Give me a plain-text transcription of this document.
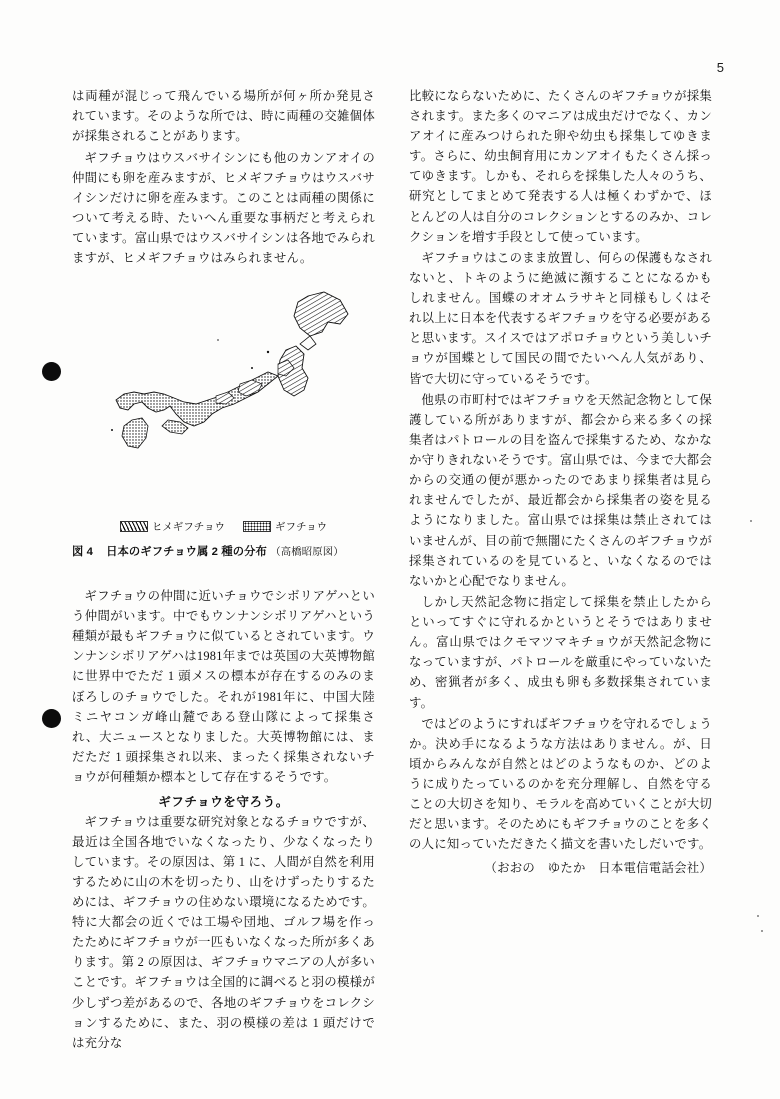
5

は両種が混じって飛んでいる場所が何ヶ所か発見されています。そのような所では、時に両種の交雑個体が採集されることがあります。

ギフチョウはウスバサイシンにも他のカンアオイの仲間にも卵を産みますが、ヒメギフチョウはウスバサイシンだけに卵を産みます。このことは両種の関係について考える時、たいへん重要な事柄だと考えられています。富山県ではウスバサイシンは各地でみられますが、ヒメギフチョウはみられません。

ヒメギフチョウ	ギフチョウ
図 4 日本のギフチョウ属 2 種の分布 （高橋昭原図）

ギフチョウの仲間に近いチョウでシボリアゲハという仲間がいます。中でもウンナンシボリアゲハという種類が最もギフチョウに似ているとされています。ウンナンシボリアゲハは1981年までは英国の大英博物館に世界中でただ 1 頭メスの標本が存在するのみのまぼろしのチョウでした。それが1981年に、中国大陸ミニヤコンガ峰山麓である登山隊によって採集され、大ニュースとなりました。大英博物館には、まだただ 1 頭採集され以来、まったく採集されないチョウが何種類か標本として存在するそうです。

ギフチョウを守ろう。

ギフチョウは重要な研究対象となるチョウですが、最近は全国各地でいなくなったり、少なくなったりしています。その原因は、第 1 に、人間が自然を利用するために山の木を切ったり、山をけずったりするためには、ギフチョウの住めない環境になるためです。特に大都会の近くでは工場や団地、ゴルフ場を作ったためにギフチョウが一匹もいなくなった所が多くあります。第 2 の原因は、ギフチョウマニアの人が多いことです。ギフチョウは全国的に調べると羽の模様が少しずつ差があるので、各地のギフチョウをコレクションするために、また、羽の模様の差は 1 頭だけでは充分な

比較にならないために、たくさんのギフチョウが採集されます。また多くのマニアは成虫だけでなく、カンアオイに産みつけられた卵や幼虫も採集してゆきます。さらに、幼虫飼育用にカンアオイもたくさん採ってゆきます。しかも、それらを採集した人々のうち、研究としてまとめて発表する人は極くわずかで、ほとんどの人は自分のコレクションとするのみか、コレクションを増す手段として使っています。

ギフチョウはこのまま放置し、何らの保護もなされないと、トキのように絶滅に瀕することになるかもしれません。国蝶のオオムラサキと同様もしくはそれ以上に日本を代表するギフチョウを守る必要があると思います。スイスではアポロチョウという美しいチョウが国蝶として国民の間でたいへん人気があり、皆で大切に守っているそうです。

他県の市町村ではギフチョウを天然記念物として保護している所がありますが、都会から来る多くの採集者はパトロールの目を盗んで採集するため、なかなか守りきれないそうです。富山県では、今まで大都会からの交通の便が悪かったのであまり採集者は見られませんでしたが、最近都会から採集者の姿を見るようになりました。富山県では採集は禁止されてはいませんが、目の前で無闇にたくさんのギフチョウが採集されているのを見ていると、いなくなるのではないかと心配でなりません。

しかし天然記念物に指定して採集を禁止したからといってすぐに守れるかというとそうではありません。富山県ではクモマツマキチョウが天然記念物になっていますが、パトロールを厳重にやっていないため、密猟者が多く、成虫も卵も多数採集されています。

ではどのようにすればギフチョウを守れるでしょうか。決め手になるような方法はありません。が、日頃からみんなが自然とはどのようなものか、どのように成りたっているのかを充分理解し、自然を守ることの大切さを知り、モラルを高めていくことが大切だと思います。そのためにもギフチョウのことを多くの人に知っていただきたく描文を書いたしだいです。

（おおの　ゆたか　日本電信電話会社）
